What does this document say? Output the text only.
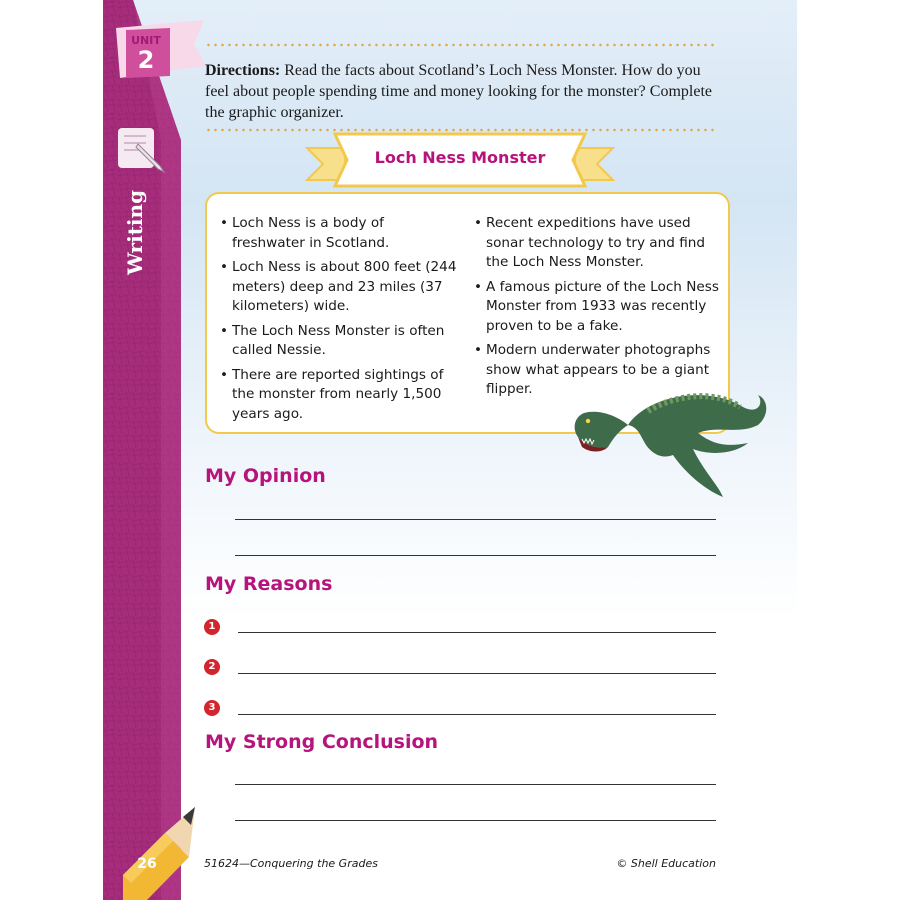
UNIT
2
Writing
Directions: Read the facts about Scotland’s Loch Ness Monster. How do you feel about people spending time and money looking for the monster? Complete the graphic organizer.
Loch Ness Monster
• Loch Ness is a body of freshwater in Scotland.
• Loch Ness is about 800 feet (244 meters) deep and 23 miles (37 kilometers) wide.
• The Loch Ness Monster is often called Nessie.
• There are reported sightings of the monster from nearly 1,500 years ago.
• Recent expeditions have used sonar technology to try and find the Loch Ness Monster.
• A famous picture of the Loch Ness Monster from 1933 was recently proven to be a fake.
• Modern underwater photographs show what appears to be a giant flipper.
My Opinion
My Reasons
1
2
3
My Strong Conclusion
26	51624—Conquering the Grades	© Shell Education
